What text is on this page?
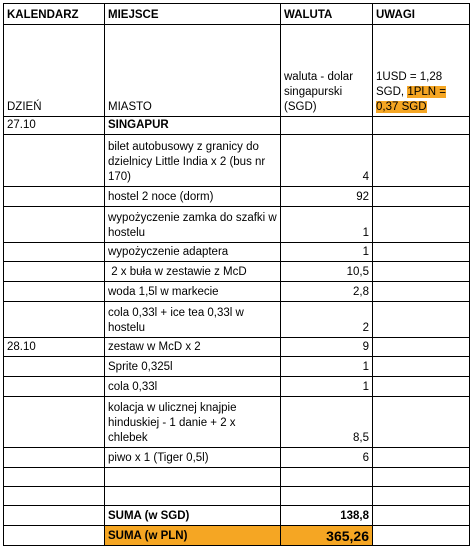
KALENDARZ	MIEJSCE	WALUTA	UWAGI
DZIEŃ	MIASTO	waluta - dolar singapurski (SGD)	1USD = 1,28 SGD, 1PLN = 0,37 SGD
27.10	SINGAPUR		
	bilet autobusowy z granicy do dzielnicy Little India x 2 (bus nr 170)	4	
	hostel 2 noce (dorm)	92	
	wypożyczenie zamka do szafki w hostelu	1	
	wypożyczenie adaptera	1	
	2 x buła w zestawie z McD	10,5	
	woda 1,5l w markecie	2,8	
	cola 0,33l + ice tea 0,33l w hostelu	2	
28.10	zestaw w McD x 2	9	
	Sprite 0,325l	1	
	cola 0,33l	1	
	kolacja w ulicznej knajpie hinduskiej - 1 danie + 2 x chlebek	8,5	
	piwo x 1 (Tiger 0,5l)	6	

	SUMA (w SGD)	138,8	
	SUMA (w PLN)	365,26	
